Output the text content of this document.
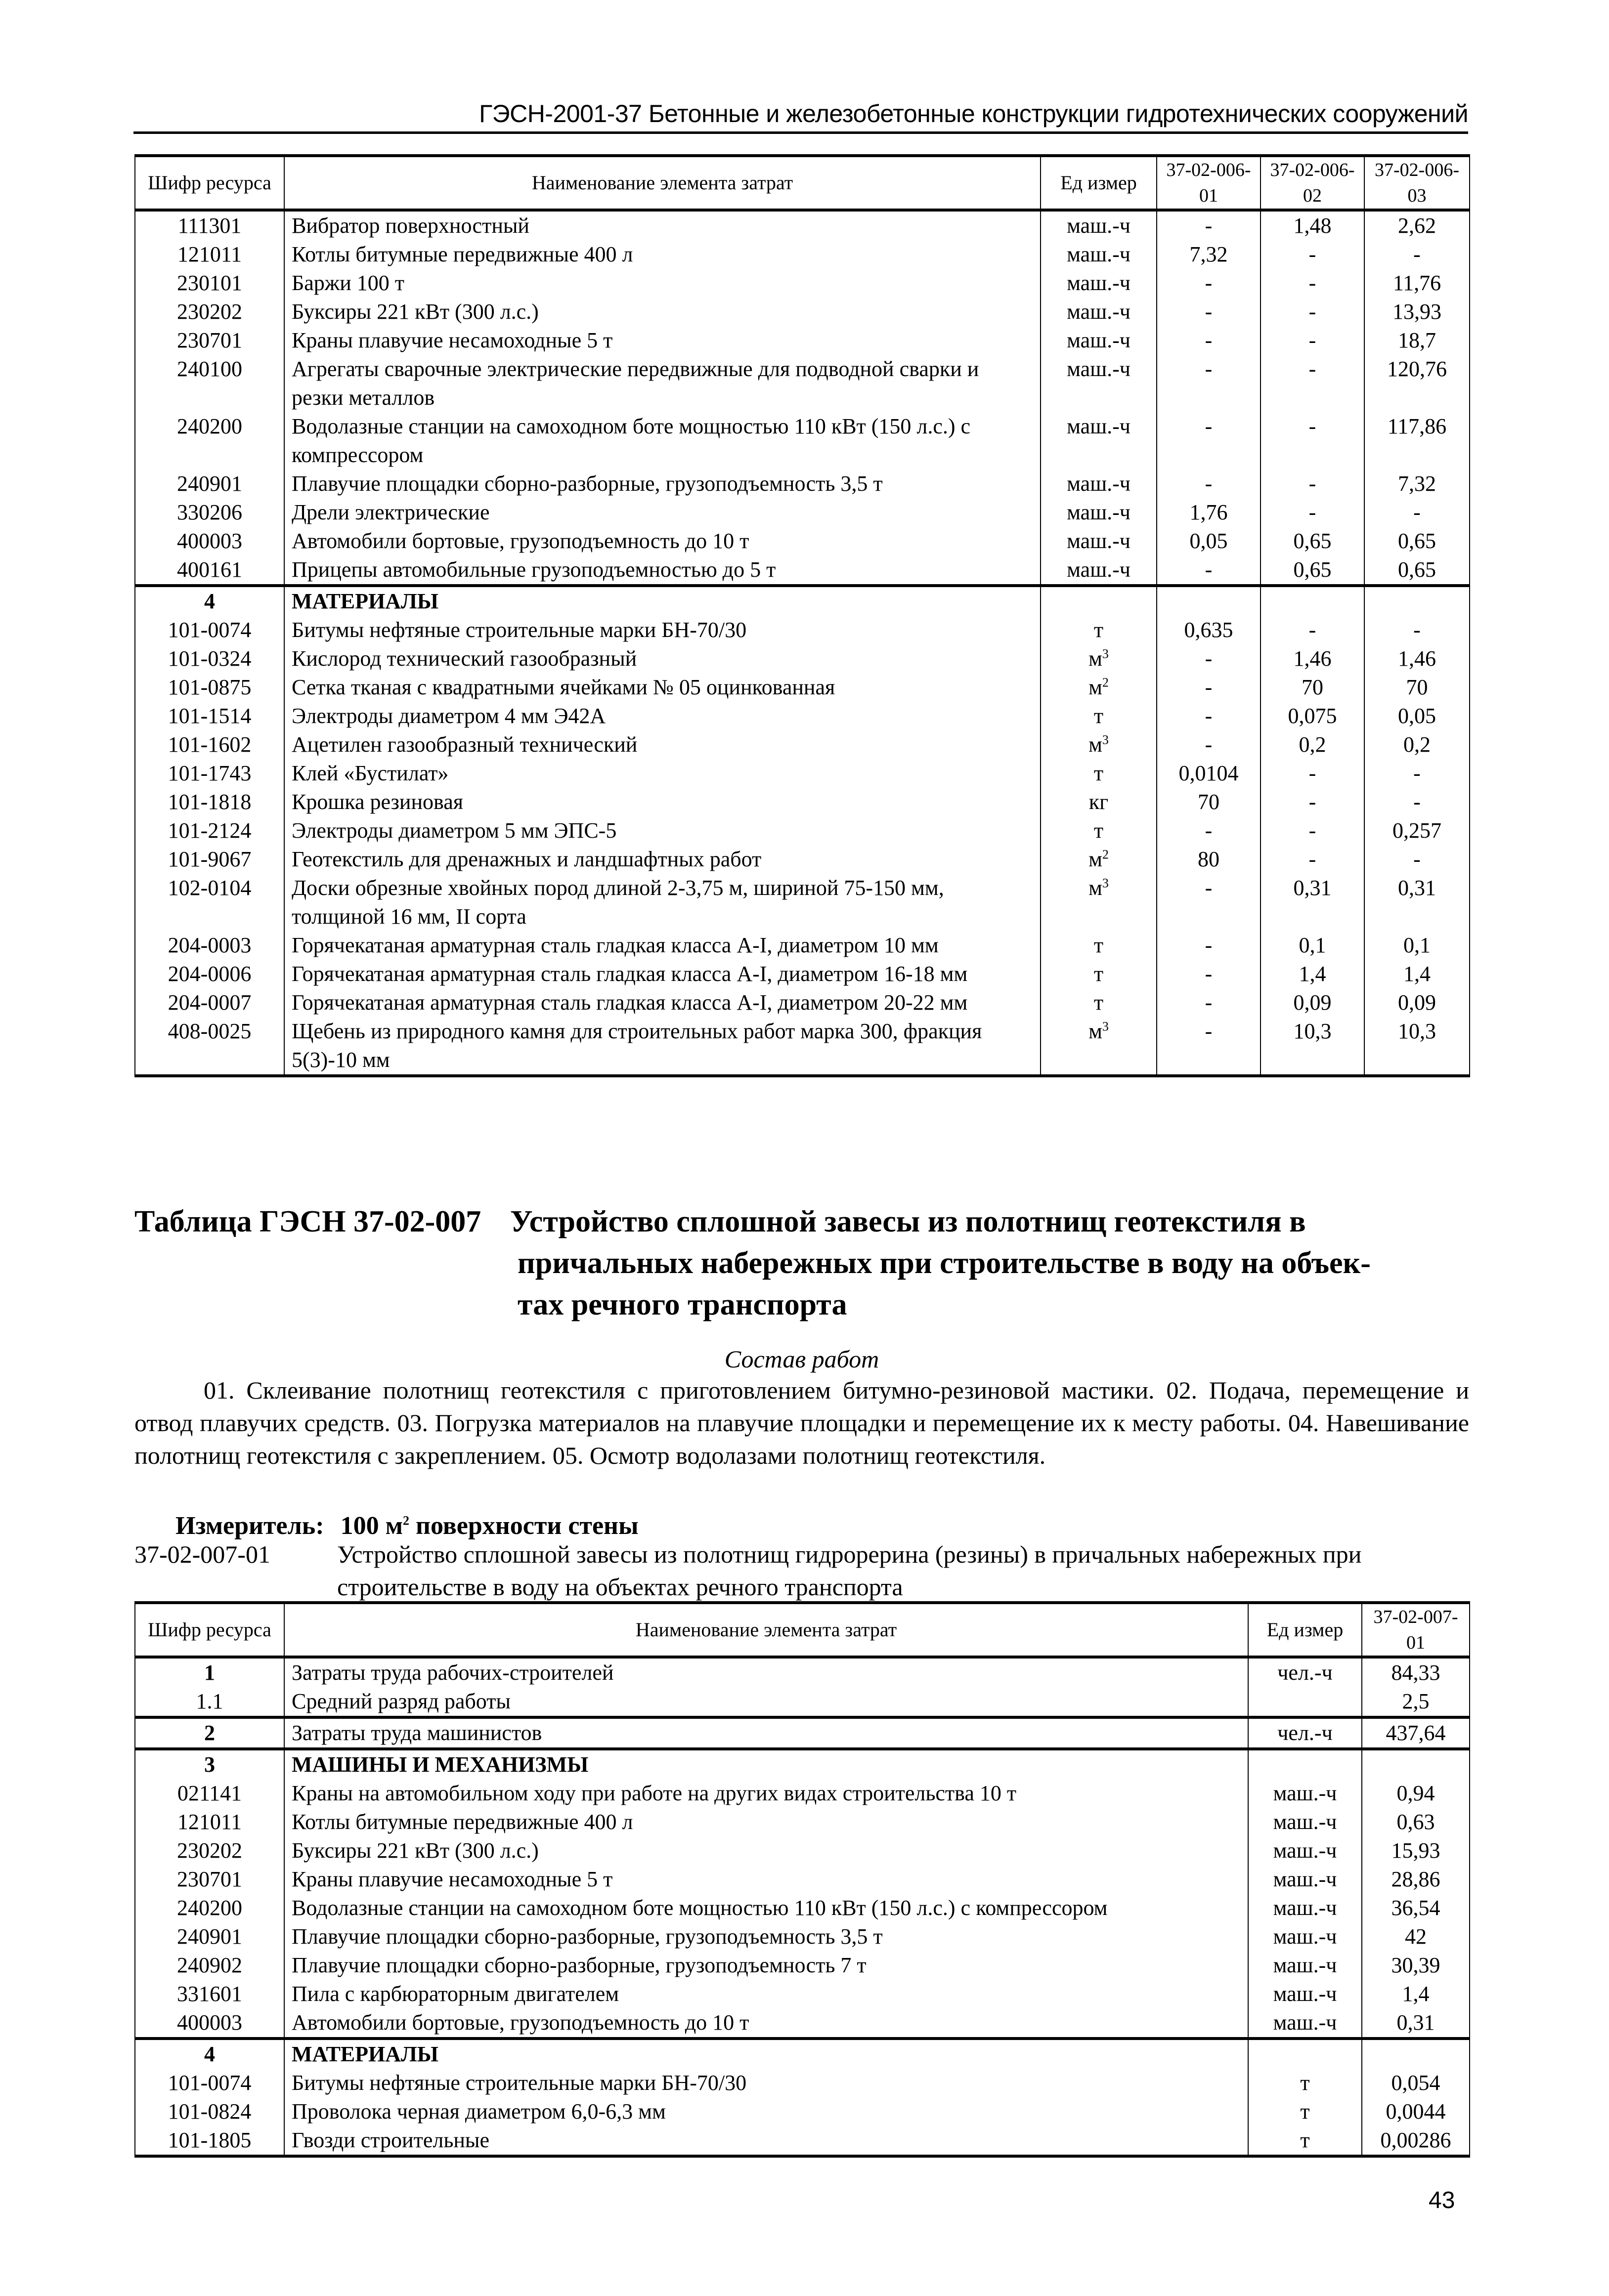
ГЭСН-2001-37 Бетонные и железобетонные конструкции гидротехнических сооружений
Шифр ресурса	Наименование элемента затрат	Ед измер	37-02-006-01	37-02-006-02	37-02-006-03
111301	Вибратор поверхностный	маш.-ч	-	1,48	2,62
121011	Котлы битумные передвижные 400 л	маш.-ч	7,32	-	-
230101	Баржи 100 т	маш.-ч	-	-	11,76
230202	Буксиры 221 кВт (300 л.с.)	маш.-ч	-	-	13,93
230701	Краны плавучие несамоходные 5 т	маш.-ч	-	-	18,7
240100	Агрегаты сварочные электрические передвижные для подводной сварки и резки металлов	маш.-ч	-	-	120,76
240200	Водолазные станции на самоходном боте мощностью 110 кВт (150 л.с.) с компрессором	маш.-ч	-	-	117,86
240901	Плавучие площадки сборно-разборные, грузоподъемность 3,5 т	маш.-ч	-	-	7,32
330206	Дрели электрические	маш.-ч	1,76	-	-
400003	Автомобили бортовые, грузоподъемность до 10 т	маш.-ч	0,05	0,65	0,65
400161	Прицепы автомобильные грузоподъемностью до 5 т	маш.-ч	-	0,65	0,65
4	МАТЕРИАЛЫ				
101-0074	Битумы нефтяные строительные марки БН-70/30	т	0,635	-	-
101-0324	Кислород технический газообразный	$м^3$	-	1,46	1,46
101-0875	Сетка тканая с квадратными ячейками № 05 оцинкованная	$м^2$	-	70	70
101-1514	Электроды диаметром 4 мм Э42А	т	-	0,075	0,05
101-1602	Ацетилен газообразный технический	$м^3$	-	0,2	0,2
101-1743	Клей «Бустилат»	т	0,0104	-	-
101-1818	Крошка резиновая	кг	70	-	-
101-2124	Электроды диаметром 5 мм ЭПС-5	т	-	-	0,257
101-9067	Геотекстиль для дренажных и ландшафтных работ	$м^2$	80	-	-
102-0104	Доски обрезные хвойных пород длиной 2-3,75 м, шириной 75-150 мм, толщиной 16 мм, II сорта	$м^3$	-	0,31	0,31
204-0003	Горячекатаная арматурная сталь гладкая класса А-I, диаметром 10 мм	т	-	0,1	0,1
204-0006	Горячекатаная арматурная сталь гладкая класса А-I, диаметром 16-18 мм	т	-	1,4	1,4
204-0007	Горячекатаная арматурная сталь гладкая класса А-I, диаметром 20-22 мм	т	-	0,09	0,09
408-0025	Щебень из природного камня для строительных работ марка 300, фракция 5(3)-10 мм	$м^3$	-	10,3	10,3
Таблица ГЭСН 37-02-007 Устройство сплошной завесы из полотнищ геотекстиля в
причальных набережных при строительстве в воду на объек-
тах речного транспорта
Состав работ
01. Склеивание полотнищ геотекстиля с приготовлением битумно-резиновой мастики. 02. Подача, перемещение и отвод плавучих средств. 03. Погрузка материалов на плавучие площадки и перемещение их к месту работы. 04. Навешивание полотнищ геотекстиля с закреплением. 05. Осмотр водолазами полотнищ геотекстиля.
Измеритель: 100 $м^2$ поверхности стены
37-02-007-01	Устройство сплошной завесы из полотнищ гидрорерина (резины) в причальных набережных при строительстве в воду на объектах речного транспорта
Шифр ресурса	Наименование элемента затрат	Ед измер	37-02-007-01
1	Затраты труда рабочих-строителей	чел.-ч	84,33
1.1	Средний разряд работы		2,5
2	Затраты труда машинистов	чел.-ч	437,64
3	МАШИНЫ И МЕХАНИЗМЫ		
021141	Краны на автомобильном ходу при работе на других видах строительства 10 т	маш.-ч	0,94
121011	Котлы битумные передвижные 400 л	маш.-ч	0,63
230202	Буксиры 221 кВт (300 л.с.)	маш.-ч	15,93
230701	Краны плавучие несамоходные 5 т	маш.-ч	28,86
240200	Водолазные станции на самоходном боте мощностью 110 кВт (150 л.с.) с компрессором	маш.-ч	36,54
240901	Плавучие площадки сборно-разборные, грузоподъемность 3,5 т	маш.-ч	42
240902	Плавучие площадки сборно-разборные, грузоподъемность 7 т	маш.-ч	30,39
331601	Пила с карбюраторным двигателем	маш.-ч	1,4
400003	Автомобили бортовые, грузоподъемность до 10 т	маш.-ч	0,31
4	МАТЕРИАЛЫ		
101-0074	Битумы нефтяные строительные марки БН-70/30	т	0,054
101-0824	Проволока черная диаметром 6,0-6,3 мм	т	0,0044
101-1805	Гвозди строительные	т	0,00286
43
